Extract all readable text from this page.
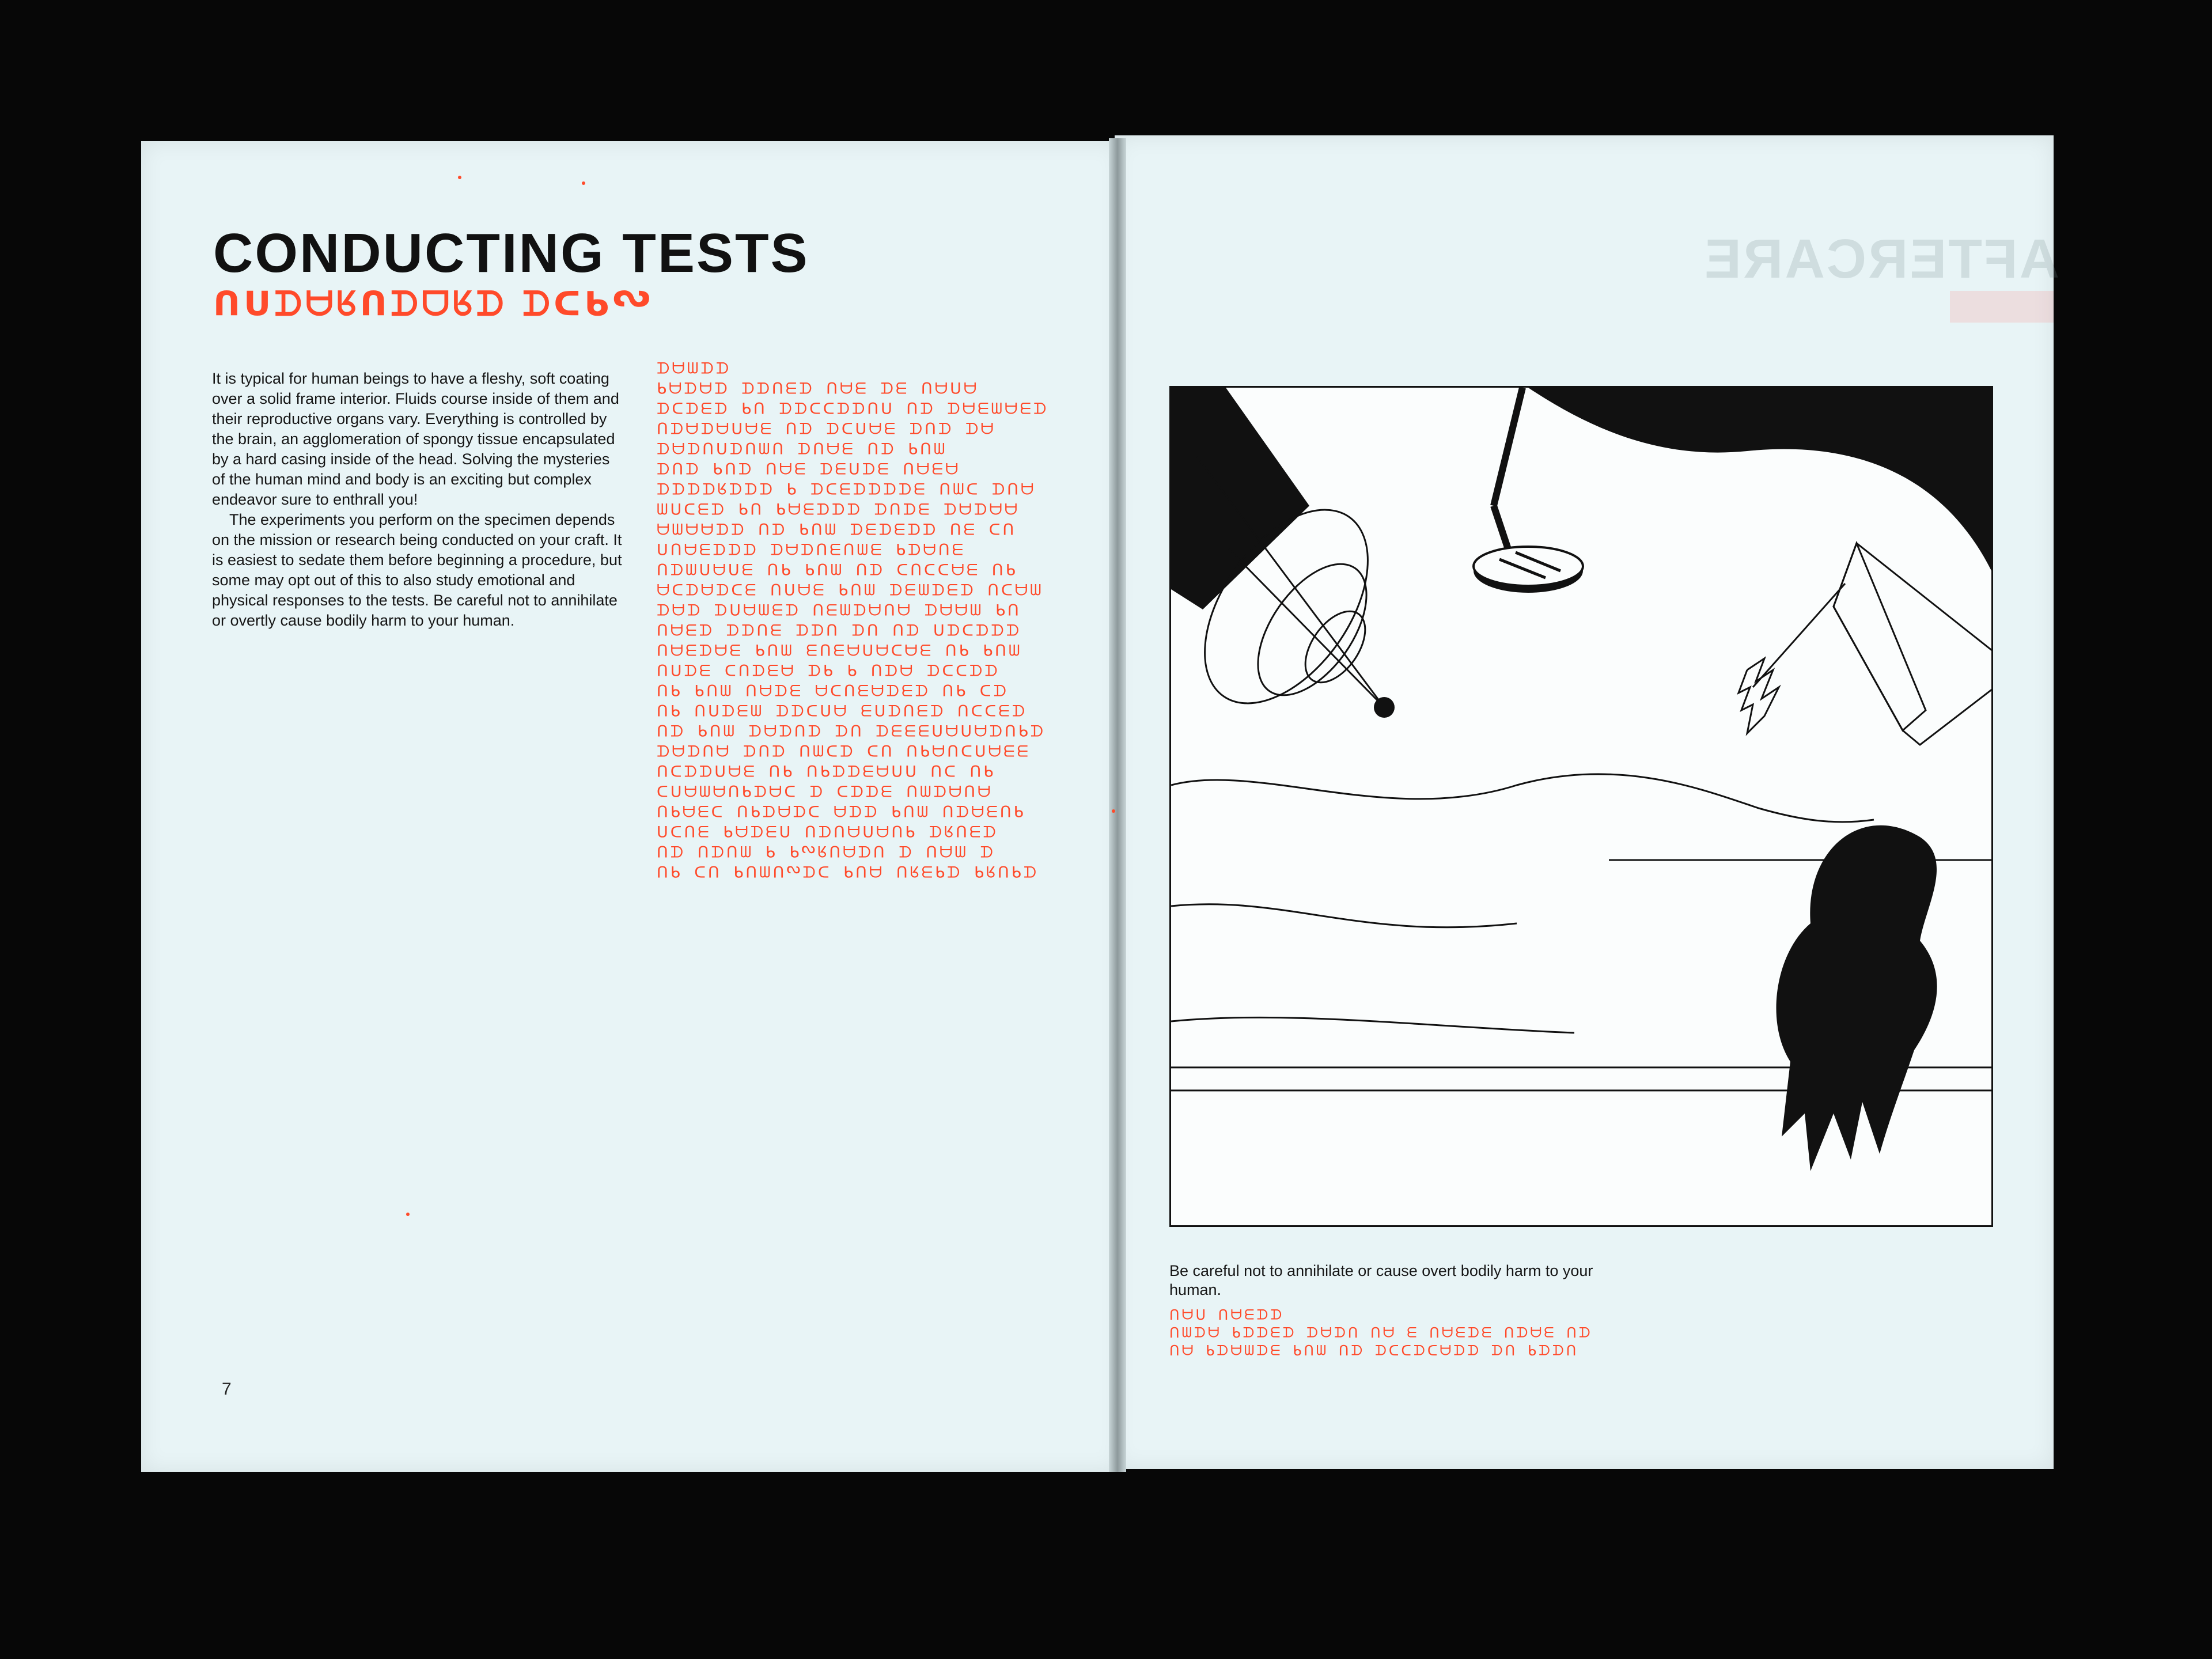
CONDUCTING TESTS
ᑌᑎᗪᗩᖇᑌᗪᗝᖇᗪ ᗪᑕᑭᔕ

It is typical for human beings to have a fleshy, soft coating over a solid frame interior. Fluids course inside of them and their reproductive organs vary. Everything is controlled by the brain, an agglomeration of spongy tissue encapsulated by a hard casing inside of the head. Solving the mysteries of the human mind and body is an exciting but complex endeavor sure to enthrall you!

The experiments you perform on the specimen depends on the mission or research being conducted on your craft. It is easiest to sedate them before beginning a procedure, but some may opt out of this to also study emotional and physical responses to the tests. Be careful not to annihilate or overtly cause bodily harm to your human.

ᑌᑭ ᑕᑌ ᑭᑌᗰᑌᔕᗪᑕ ᑭᑌᗩ ᑌᖇᗴᑭᗪ ᑭᖇᑌᑭᗪ ᑌᗪ ᑌᗪᑌᗰ ᑭ ᑭᔕᖇᑌᗩᗪᑌ ᗪ ᑌᗩᗰ ᗪ ᑎᑕᑌᗴ ᑭᗩᗪᗴᑎ ᑌᗪᑌᗩᑎᗩᑌᑭ ᗪᖇᑌᗴᗪ ᑌᑭᗩᗴᑕ ᑌᑭᗪᗩᗪᑕ ᗩᗪᗪ ᑭᑌᗰ ᑌᗪᗩᗴᑌᑭ ᑕᑎᗩᗰᗩᑌᑭᗪᗩᑕ ᗪ ᑕᗪᗪᗴ ᑌᗰᗪᗩᑌᗩ ᑌᑕᗪᗪᑎᗩᗴ ᑌᑭ ᑌᑭᗪᗪᗴᗩᑎᑎ ᑌᑕ ᑌᑭ ᗪᗩᗪᑌᗩ ᗪᑌᗪ ᑌᗰᑕᗪ ᑕᑌ ᑌᑭᗩᑌᑕᑎᗩᗴᗴ ᑌᗪ ᑭᑌᗰ ᗪᗩᗪᑌᗪ ᗪᑌ ᗪᗴᗴᗴᑎᗩᑎᗩᗪᑌᑭᗪ ᑌᑭ ᑌᑎᗪᗴᗰ ᗪᗪᑕᑎᗩ ᗴᑎᗪᑌᗴᗪ ᑌᑕᑕᗴᗪ ᑌᑭ ᑭᑌᗰ ᑌᗩᗪᗴ ᗩᑕᑌᗴᗩᗪᗴᗪ ᑌᑭ ᑕᗪ ᑌᑎᗪᗴ ᑕᑌᗪᗴᗩ ᗪᑭ ᑭ ᑌᗪᗩ ᗪᑕᑕᗪᗪ ᑌᗩᗴᗪᗩᗴ ᑭᑌᗰ ᗴᑌᗴᗩᑎᗩᑕᗩᗴ ᑌᑭ ᑭᑌᗰ ᑌᗩᗴᗪ ᗪᗪᑌᗴ ᗪᗪᑌ ᗪᑌ ᑌᗪ ᑎᗪᑕᗪᗪᗪ ᗪᗩᗪ ᗪᑎᗩᗰᗴᗪ ᑌᗴᗰᗪᗩᑌᗩ ᗪᗩᗩᗰ ᑭᑌ ᗩᑕᗪᗩᗪᑕᗴ ᑌᑎᗩᗴ ᑭᑌᗰ ᗪᗴᗰᗪᗴᗪ ᑌᑕᗩᗰ ᑌᗪᗰᑎᗩᑎᗴ ᑌᑭ ᑭᑌᗰ ᑌᗪ ᑕᑌᑕᑕᗩᗴ ᑌᑭ ᑎᑌᗩᗴᗪᗪᗪ ᗪᗩᗪᑌᗴᑌᗰᗴ ᑭᗪᗩᑌᗴ ᗩᗰᗩᗩᗪᗪ ᑌᗪ ᑭᑌᗰ ᗪᗴᗪᗴᗪᗪ ᑌᗴ ᑕᑌ ᗰᑎᑕᗴᗪ ᑭᑌ ᑭᗩᗴᗪᗪᗪ ᗪᑌᗪᗴ ᗪᗩᗪᗩᗩ ᗪᗪᗪᗪᖇᗪᗪᗪ ᑭ ᗪᑕᗴᗪᗪᗪᗪᗴ ᑌᗰᑕ ᗪᑌᗩ ᗪᑌᗪ ᑭᑌᗪ ᑌᗩᗴ ᗪᗴᑎᗪᗴ ᑌᗩᗴᗩ ᗪᗩᗪᑌᑎᗪᑌᗰᑌ ᗪᑌᗩᗴ ᑌᗪ ᑭᑌᗰ ᑌᗪᗩᗪᗩᑎᗩᗴ ᑌᗪ ᗪᑕᑎᗩᗴ ᗪᑌᗪ ᗪᗩ ᗪᑕᗪᗴᗪ ᑭᑌ ᗪᗪᑕᑕᗪᗪᑌᑎ ᑌᗪ ᗪᗩᗴᗰᗩᗴᗪ ᑭᗩᗪᗩᗪ ᗪᗪᑌᗴᗪ ᑌᗩᗴ ᗪᗴ ᑌᗩᑎᗩ ᗪᗩᗰᗪᗪ
7
AFTERCARE
Be careful not to annihilate or cause overt bodily harm to your human.
ᑌᗩ ᑭᗪᗩᗰᗪᗴ ᑭᑌᗰ ᑌᗪ ᗪᑕᑕᗪᑕᗩᗪᗪ ᗪᑌ ᑭᗪᗪᑌ ᑌᗰᗪᗩ ᑭᗪᗪᗴᗪ ᗪᗩᗪᑌ ᑌᗩ ᗴ ᑌᗩᗴᗪᗴ ᑌᗪᗩᗴ ᑌᗪ ᑌᗩᑎ ᑌᗩᗴᗪᗪ
